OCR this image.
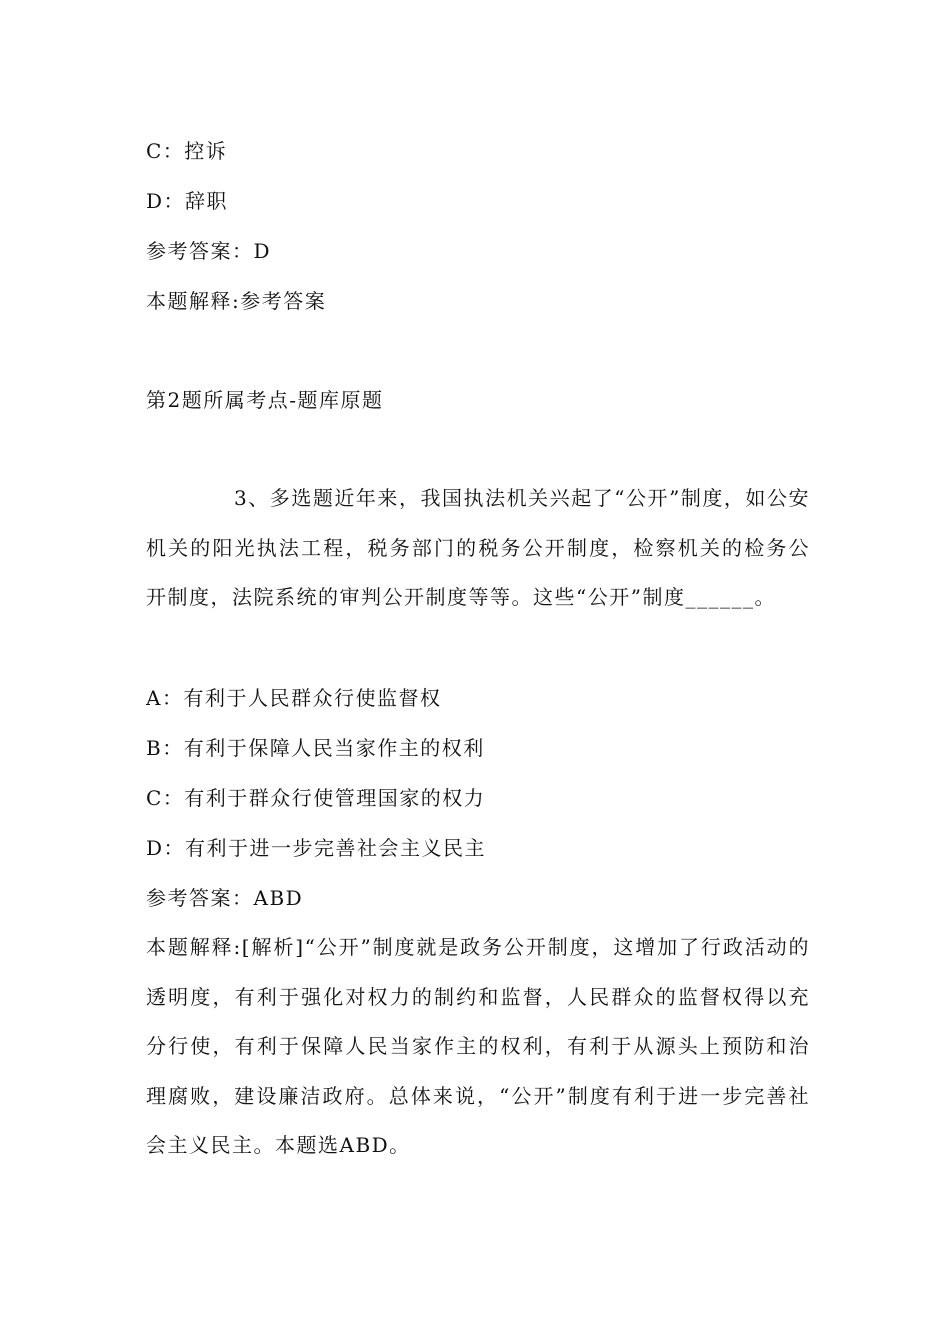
C：控诉
D：辞职
参考答案：D
本题解释:参考答案
第2题所属考点-题库原题
3、多选题近年来，我国执法机关兴起了“公开”制度，如公安机关的阳光执法工程，税务部门的税务公开制度，检察机关的检务公开制度，法院系统的审判公开制度等等。这些“公开”制度______。
A：有利于人民群众行使监督权
B：有利于保障人民当家作主的权利
C：有利于群众行使管理国家的权力
D：有利于进一步完善社会主义民主
参考答案：ABD
本题解释:[解析]“公开”制度就是政务公开制度，这增加了行政活动的透明度，有利于强化对权力的制约和监督，人民群众的监督权得以充分行使，有利于保障人民当家作主的权利，有利于从源头上预防和治理腐败，建设廉洁政府。总体来说，“公开”制度有利于进一步完善社会主义民主。本题选ABD。
